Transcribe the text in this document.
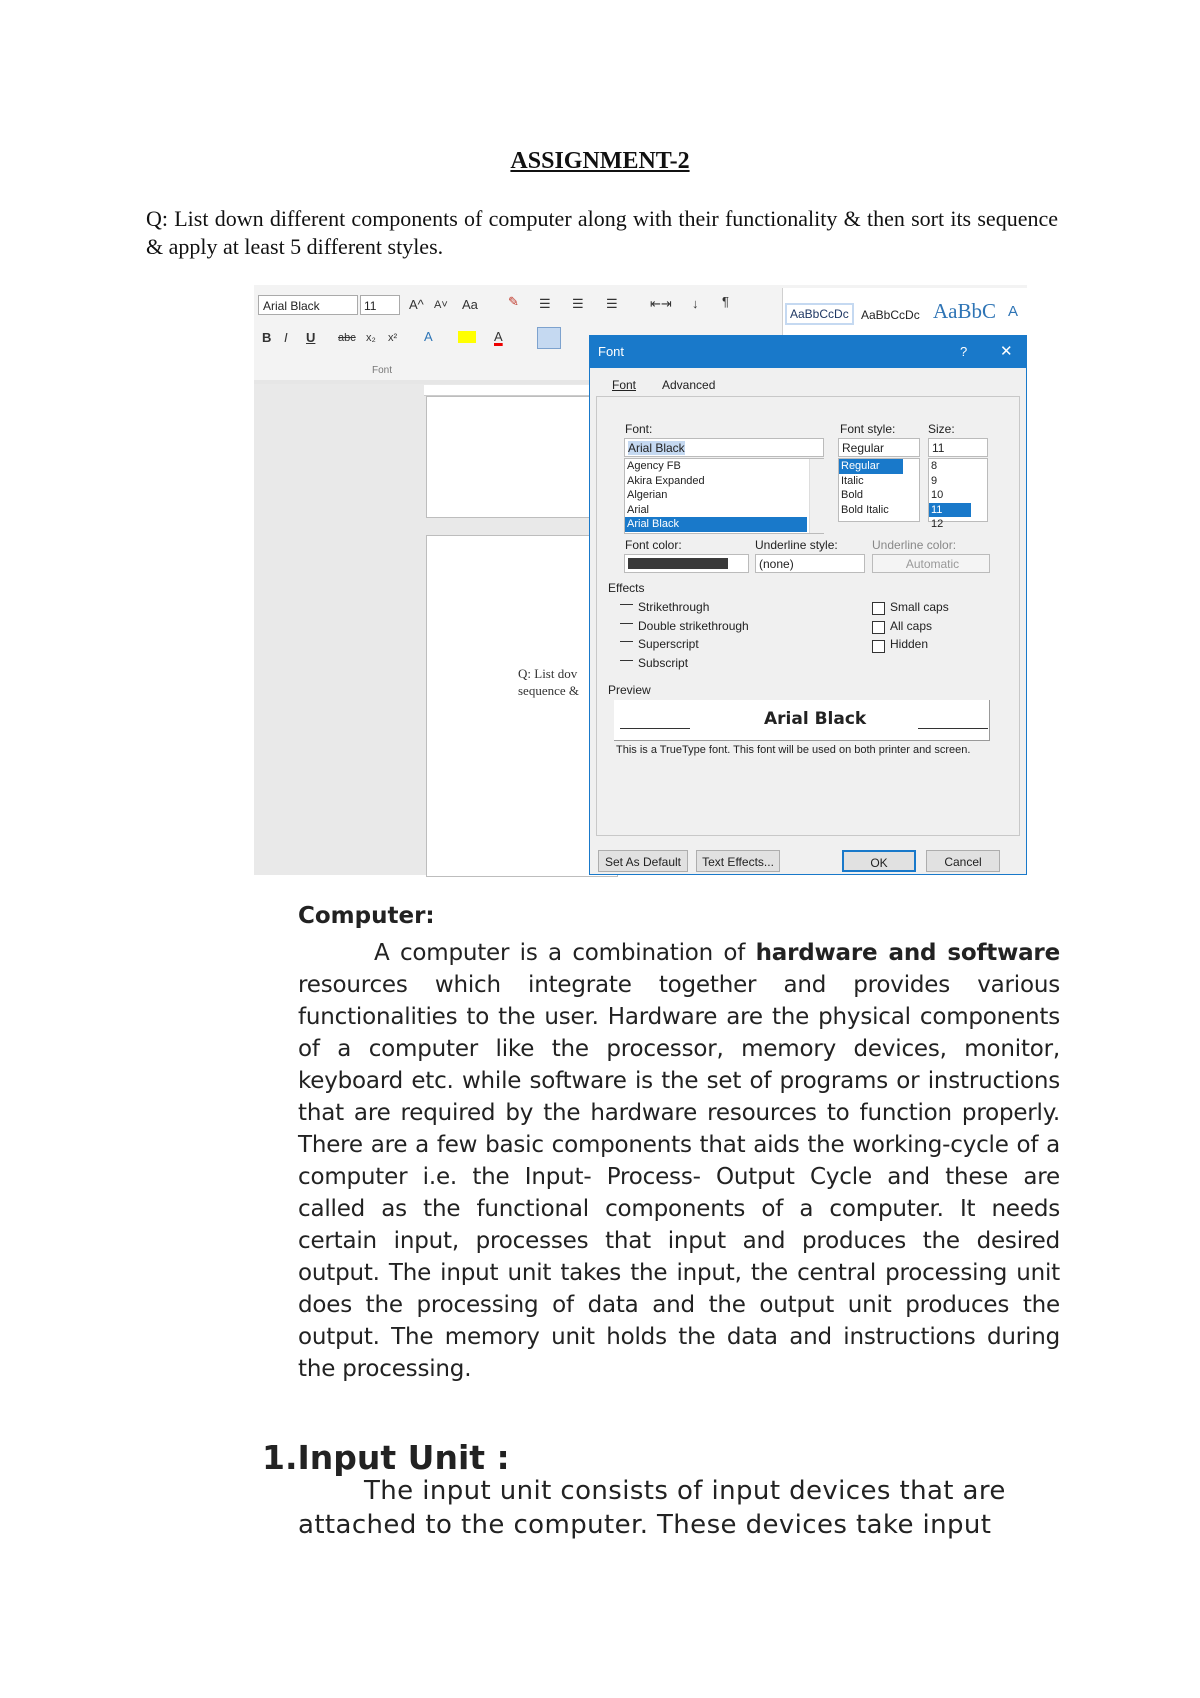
ASSIGNMENT-2
Q: List down different components of computer along with their functionality & then sort its sequence & apply at least 5 different styles.
Arial Black	11	A^ A˅ Aa ✎ ☰ ☰ ☰ ⇤⇥ ↓ ¶
B I U abc x₂ x² A	A
Font
AaBbCcDc	AaBbCcDc AaBbC A
Q: List dov
sequence &
Font	? ✕
Font Advanced
Font:
Arial Black
Agency FB
Akira Expanded
Algerian
Arial
Arial Black
Font style:
Regular
Regular
Italic
Bold
Bold Italic
Size:
11
8
9
10
11
12
Font color:	Underline style:
(none)
Underline color:
Automatic
Effects
Strikethrough
Double strikethrough
Superscript
Subscript
Small caps
All caps
Hidden
Preview
Arial Black
This is a TrueType font. This font will be used on both printer and screen.
Set As Default	Text Effects...	OK	Cancel
Computer:
A computer is a combination of hardware and software resources which integrate together and provides various functionalities to the user. Hardware are the physical components of a computer like the processor, memory devices, monitor, keyboard etc. while software is the set of programs or instructions that are required by the hardware resources to function properly. There are a few basic components that aids the working-cycle of a computer i.e. the Input- Process- Output Cycle and these are called as the functional components of a computer. It needs certain input, processes that input and produces the desired output. The input unit takes the input, the central processing unit does the processing of data and the output unit produces the output. The memory unit holds the data and instructions during the processing.
1.Input Unit :
The input unit consists of input devices that are attached to the computer. These devices take input
